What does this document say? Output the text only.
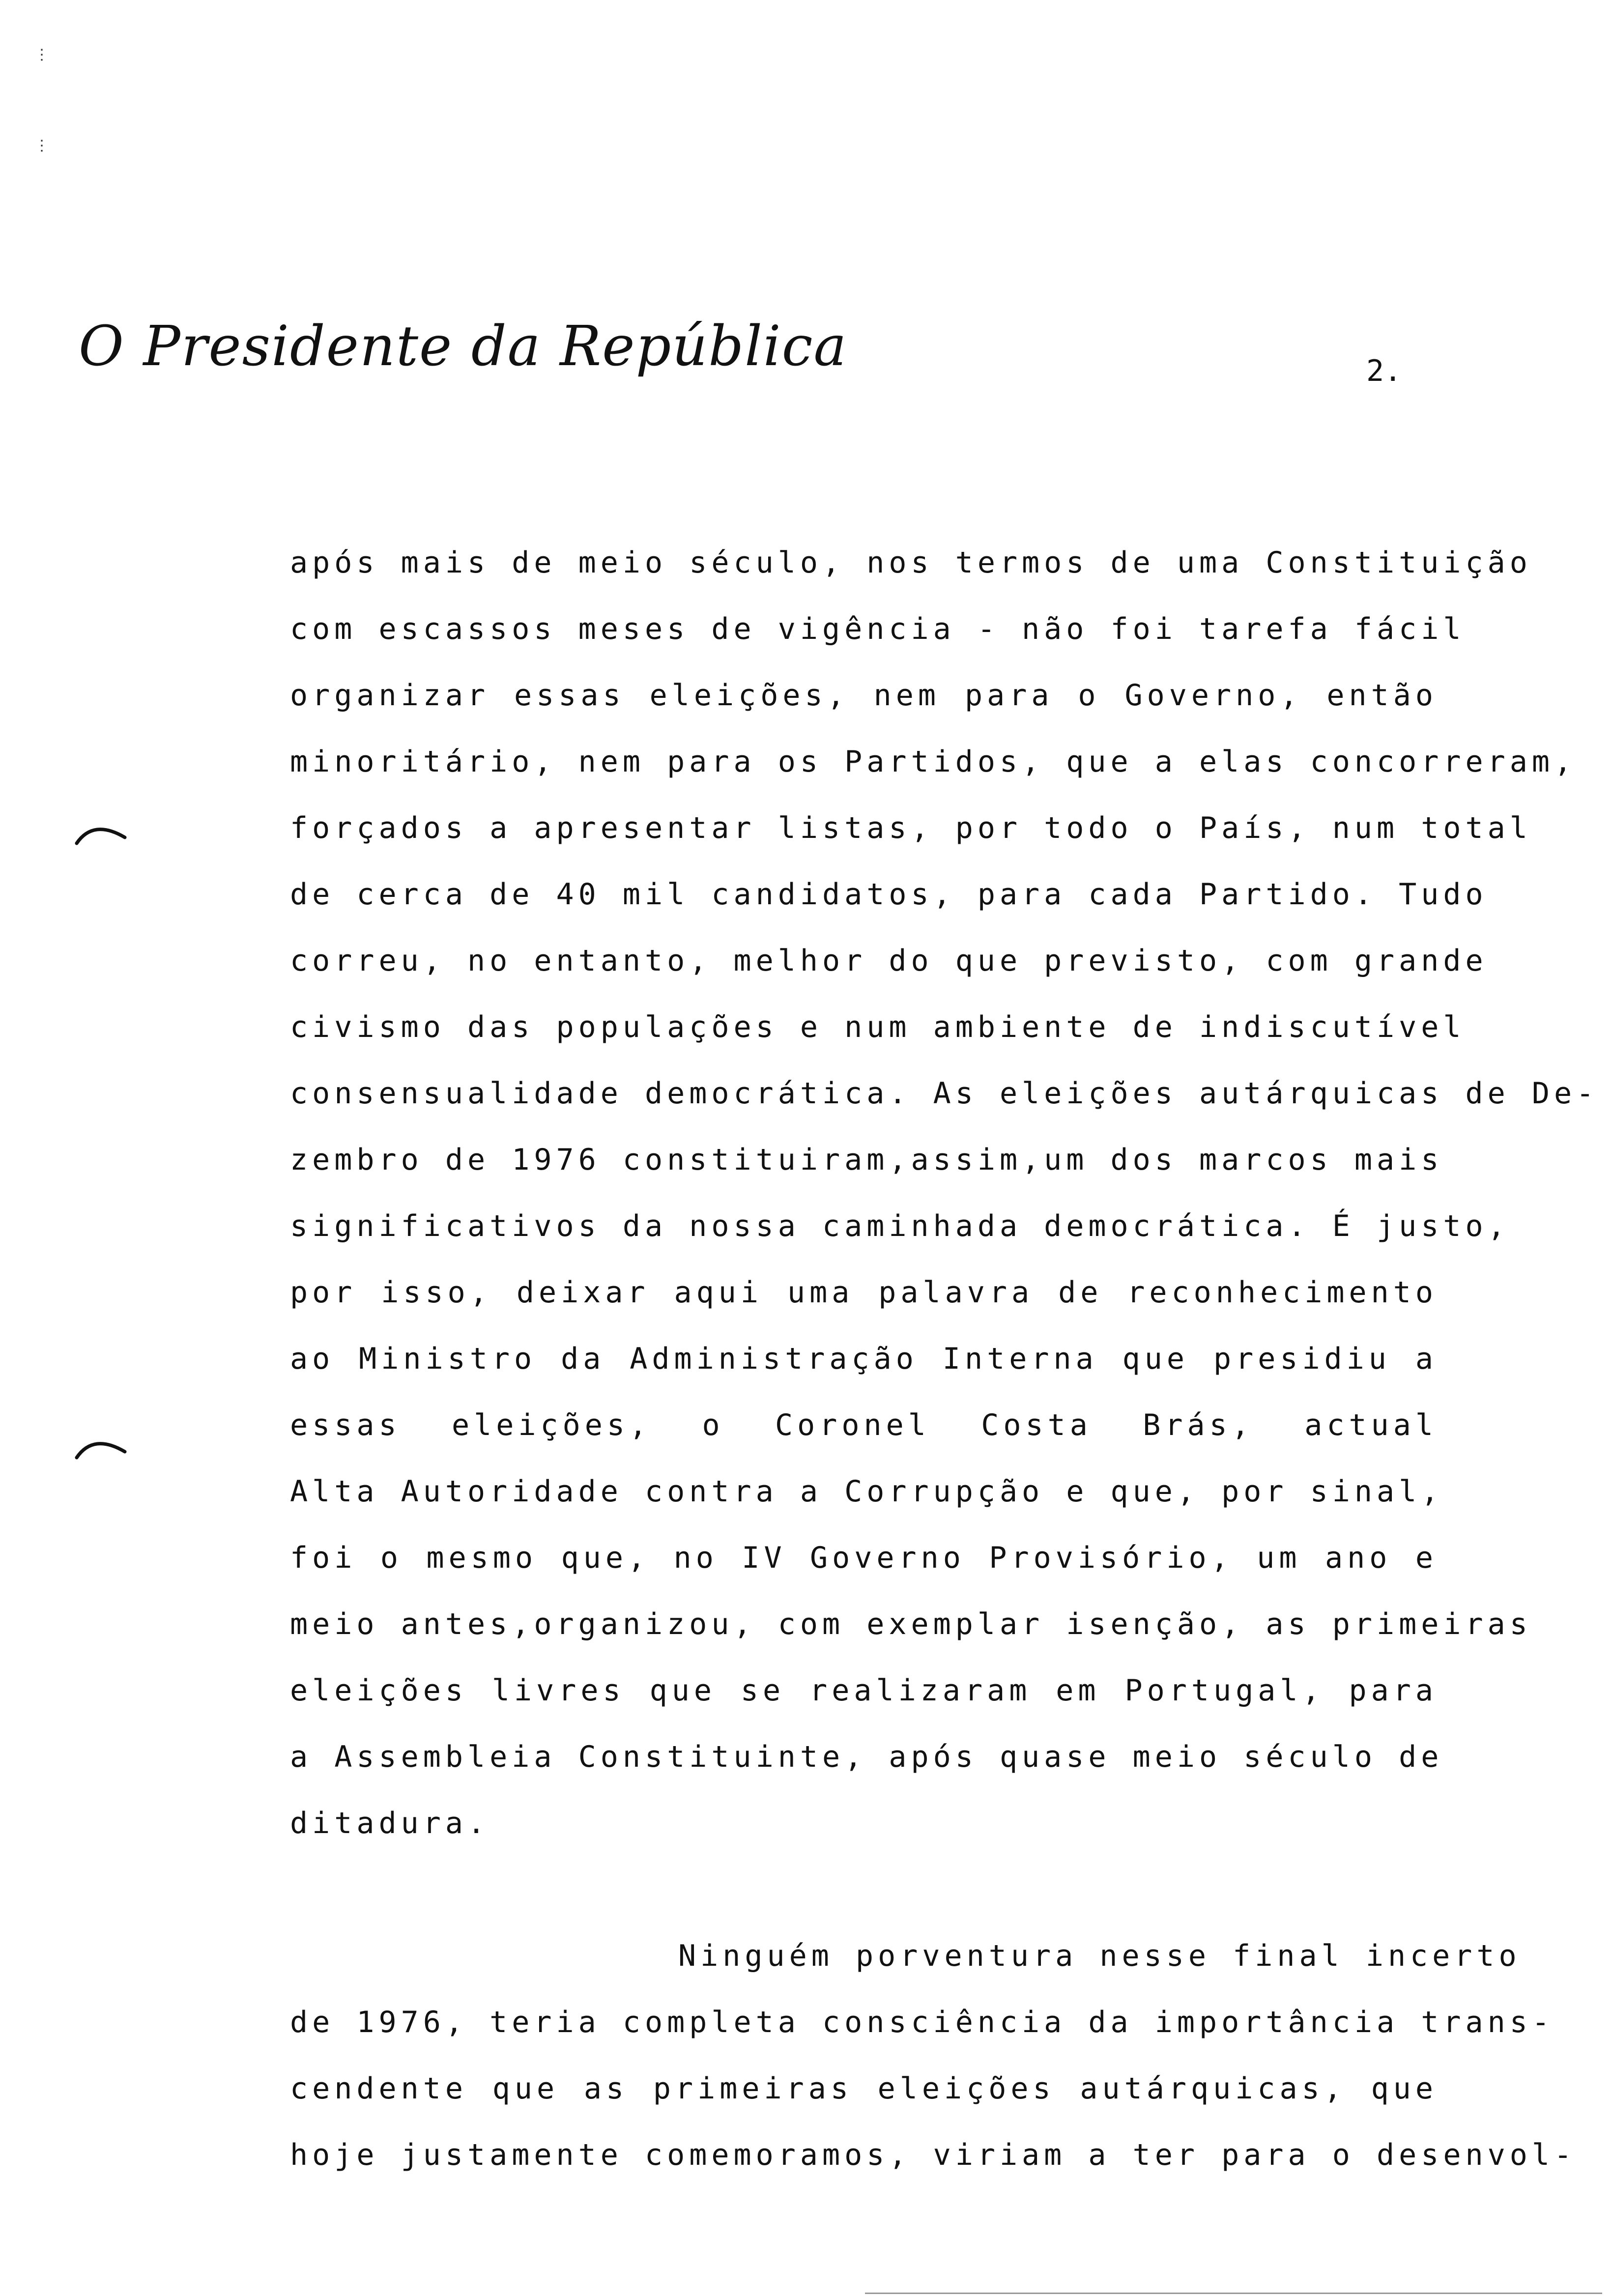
⋮
⋮
O Presidente da República	2.
após mais de meio século, nos termos de uma Constituição
com escassos meses de vigência - não foi tarefa fácil
organizar essas eleições, nem para o Governo, então
minoritário, nem para os Partidos, que a elas concorreram,
forçados a apresentar listas, por todo o País, num total
de cerca de 40 mil candidatos, para cada Partido. Tudo
correu, no entanto, melhor do que previsto, com grande
civismo das populações e num ambiente de indiscutível
consensualidade democrática. As eleições autárquicas de De-
zembro de 1976 constituiram,assim,um dos marcos mais
significativos da nossa caminhada democrática. É justo,
por isso, deixar aqui uma palavra de reconhecimento
ao Ministro da Administração Interna que presidiu a
essas eleições, o Coronel Costa Brás, actual
Alta Autoridade contra a Corrupção e que, por sinal,
foi o mesmo que, no IV Governo Provisório, um ano e
meio antes,organizou, com exemplar isenção, as primeiras
eleições livres que se realizaram em Portugal, para
a Assembleia Constituinte, após quase meio século de
ditadura.
Ninguém porventura nesse final incerto
de 1976, teria completa consciência da importância trans-
cendente que as primeiras eleições autárquicas, que
hoje justamente comemoramos, viriam a ter para o desenvol-
